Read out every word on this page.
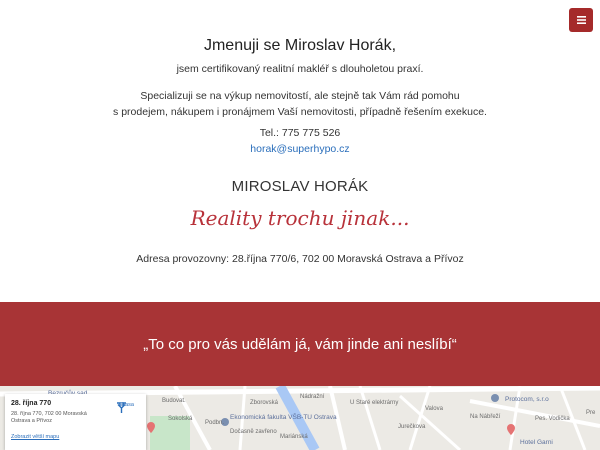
Jmenuji se Miroslav Horák,
jsem certifikovaný realitní makléř s dlouholetou praxí.
Specializuji se na výkup nemovitostí, ale stejně tak Vám rád pomohu
s prodejem, nákupem i pronájmem Vaší nemovitosti, případně řešením exekuce.
Tel.: 775 775 526
horak@superhypo.cz
MIROSLAV HORÁK
Reality trochu jinak...
Adresa provozovny: 28.října 770/6, 702 00 Moravská Ostrava a Přívoz
„To co pro vás udělám já, vám jinde ani neslíbí“
Ekonomická fakulta VŠB-TU Ostrava
Dočasně zavřeno
Protocom, s.r.o
Hotel Garni
Budovat.
Sokolská
Podbn.
Nádražní
Zborovská
Mariánská
U Staré elektrárny
Valova
Jurečkova
Na Nábřeží	Pes. Vodička
Pre
28. října 770
28. října 770, 702 00 Moravská Ostrava a Přívoz
Zobrazit větší mapu
Trasa
